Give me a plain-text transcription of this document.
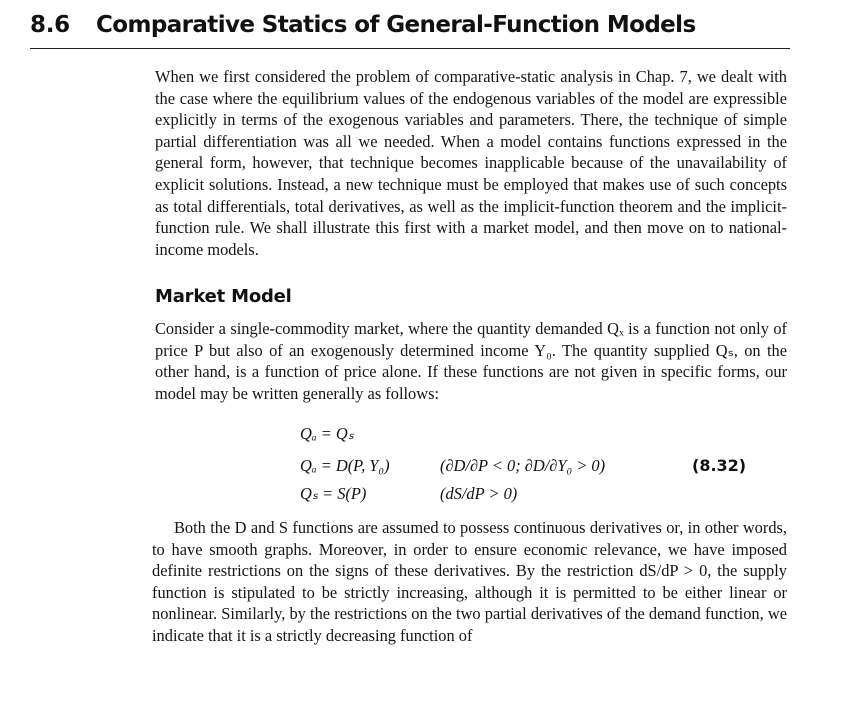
8.6 Comparative Statics of General-Function Models

When we first considered the problem of comparative-static analysis in Chap. 7, we dealt with the case where the equilibrium values of the endogenous variables of the model are expressible explicitly in terms of the exogenous variables and parameters. There, the technique of simple partial differentiation was all we needed. When a model contains functions expressed in the general form, however, that technique becomes inapplicable because of the unavailability of explicit solutions. Instead, a new technique must be employed that makes use of such concepts as total differentials, total derivatives, as well as the implicit-function theorem and the implicit-function rule. We shall illustrate this first with a market model, and then move on to national-income models.

Market Model

Consider a single-commodity market, where the quantity demanded Qₓ is a function not only of price P but also of an exogenously determined income Y₀. The quantity supplied Qₛ, on the other hand, is a function of price alone. If these functions are not given in specific forms, our model may be written generally as follows:

Qₐ = Qₛ
Qₐ = D(P, Y₀)	(∂D/∂P < 0; ∂D/∂Y₀ > 0)
Qₛ = S(P)	(dS/dP > 0)
(8.32)

Both the D and S functions are assumed to possess continuous derivatives or, in other words, to have smooth graphs. Moreover, in order to ensure economic relevance, we have imposed definite restrictions on the signs of these derivatives. By the restriction dS/dP > 0, the supply function is stipulated to be strictly increasing, although it is permitted to be either linear or nonlinear. Similarly, by the restrictions on the two partial derivatives of the demand function, we indicate that it is a strictly decreasing function of
